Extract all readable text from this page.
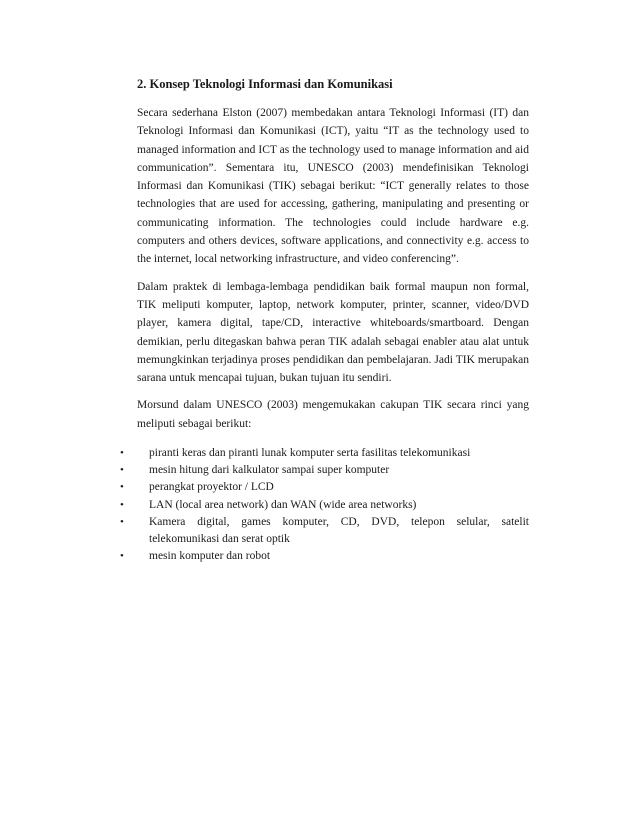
2. Konsep Teknologi Informasi dan Komunikasi

Secara sederhana Elston (2007) membedakan antara Teknologi Informasi (IT) dan Teknologi Informasi dan Komunikasi (ICT), yaitu “IT as the technology used to managed information and ICT as the technology used to manage information and aid communication”. Sementara itu, UNESCO (2003) mendefinisikan Teknologi Informasi dan Komunikasi (TIK) sebagai berikut: “ICT generally relates to those technologies that are used for accessing, gathering, manipulating and presenting or communicating information. The technologies could include hardware e.g. computers and others devices, software applications, and connectivity e.g. access to the internet, local networking infrastructure, and video conferencing”.

Dalam praktek di lembaga-lembaga pendidikan baik formal maupun non formal, TIK meliputi komputer, laptop, network komputer, printer, scanner, video/DVD player, kamera digital, tape/CD, interactive whiteboards/smartboard. Dengan demikian, perlu ditegaskan bahwa peran TIK adalah sebagai enabler atau alat untuk memungkinkan terjadinya proses pendidikan dan pembelajaran. Jadi TIK merupakan sarana untuk mencapai tujuan, bukan tujuan itu sendiri.

Morsund dalam UNESCO (2003) mengemukakan cakupan TIK secara rinci yang meliputi sebagai berikut:

• piranti keras dan piranti lunak komputer serta fasilitas telekomunikasi
• mesin hitung dari kalkulator sampai super komputer
• perangkat proyektor / LCD
• LAN (local area network) dan WAN (wide area networks)
• Kamera digital, games komputer, CD, DVD, telepon selular, satelit telekomunikasi dan serat optik
• mesin komputer dan robot
